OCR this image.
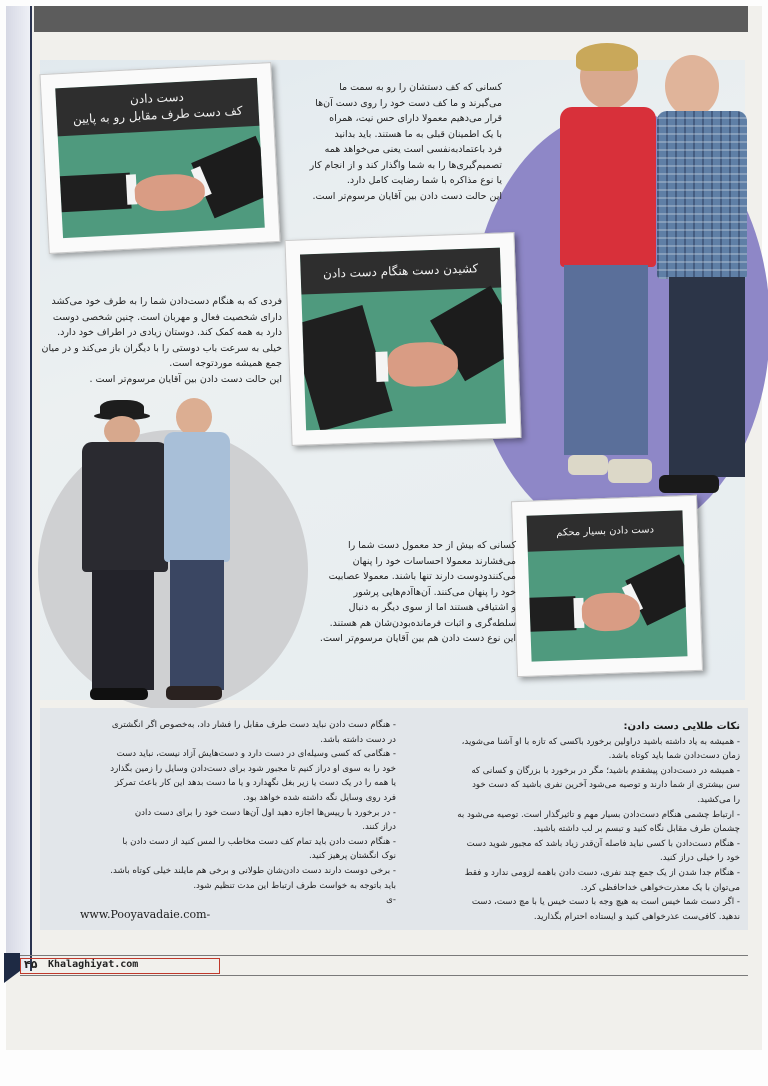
دست دادن
کف دست طرف مقابل رو به پایین
کسانی که کف دستشان را رو به سمت ما
می‌گیرند و ما کف دست خود را روی دست آن‌ها
قرار می‌دهیم معمولا دارای حس نیت، همراه
با یک اطمینان قبلی به ما هستند. باید بدانید
فرد باعتمادبه‌نفسی است یعنی می‌خواهد همه
تصمیم‌گیری‌ها را به شما واگذار کند و از انجام کار
یا نوع مذاکره با شما رضایت کامل دارد.
این حالت دست دادن بین آقایان مرسوم‌تر است.
کشیدن دست هنگام دست دادن
فردی که به هنگام دست‌دادن شما را به طرف خود می‌کشد
دارای شخصیت فعال و مهربان است. چنین شخصی دوست
دارد به همه کمک کند. دوستان زیادی در اطراف خود دارد.
خیلی به سرعت باب دوستی را با دیگران باز می‌کند و در میان
جمع همیشه موردتوجه است.
این حالت دست دادن بین آقایان مرسوم‌تر است .
دست دادن بسیار محکم
کسانی که بیش از حد معمول دست شما را
می‌فشارند معمولا احساسات خود را پنهان
می‌کنندودوست دارند تنها باشند. معمولا عصابیت
خود را پنهان می‌کنند. آن‌هاآدم‌هایی پرشور
و اشتیاقی هستند اما از سوی دیگر به دنبال
سلطه‌گری و اثبات فرمانده‌بودن‌شان هم هستند.
این نوع دست دادن هم بین آقایان مرسوم‌تر است.
نکات طلایی دست دادن:
- همیشه به یاد داشته باشید دراولین برخورد باکسی که تازه با او آشنا می‌شوید،
زمان دست‌دادن شما باید کوتاه باشد.
- همیشه در دست‌دادن پیشقدم باشید؛ مگر در برخورد با بزرگان و کسانی که
سن بیشتری از شما دارند و توصیه می‌شود آخرین نفری باشید که دست خود
را می‌کشید.
- ارتباط چشمی هنگام دست‌دادن بسیار مهم و تاثیرگذار است. توصیه می‌شود به
چشمان طرف مقابل نگاه کنید و تبسم بر لب داشته باشید.
- هنگام دست‌دادن با کسی نباید فاصله آن‌قدر زیاد باشد که مجبور شوید دست
خود را خیلی دراز کنید.
- هنگام جدا شدن از یک جمع چند نفری، دست دادن باهمه لزومی ندارد و فقط
می‌توان با یک معذرت‌خواهی خداحافظی کرد.
- اگر دست شما خیس است به هیچ وجه با دست خیس یا با مچ دست، دست
ندهید. کافی‌ست عذرخواهی کنید و ایستاده احترام بگذارید.
- هنگام دست دادن نباید دست طرف مقابل را فشار داد، به‌خصوص اگر انگشتری
در دست داشته باشد.
- هنگامی که کسی وسیله‌ای در دست دارد و دست‌هایش آزاد نیست، نباید دست
خود را به سوی او دراز کنیم تا مجبور شود برای دست‌دادن وسایل را زمین بگذارد
یا همه را در یک دست یا زیر بغل نگهدارد و یا ما دست بدهد این کار باعث تمرکز
فرد روی وسایل نگه داشته شده خواهد بود.
- در برخورد با رییس‌ها اجازه دهید اول آن‌ها دست خود را برای دست دادن
دراز کنند.
- هنگام دست دادن باید تمام کف دست مخاطب را لمس کنید از دست دادن با
نوک انگشتان پرهیز کنید.
- برخی دوست دارند دست دادن‌شان طولانی و برخی هم مایلند خیلی کوتاه باشد.
باید باتوجه به خواست طرف ارتباط این مدت تنظیم شود.
-ی
www.Pooyavadaie.com-
۴۵ Khalaghiyat.com
